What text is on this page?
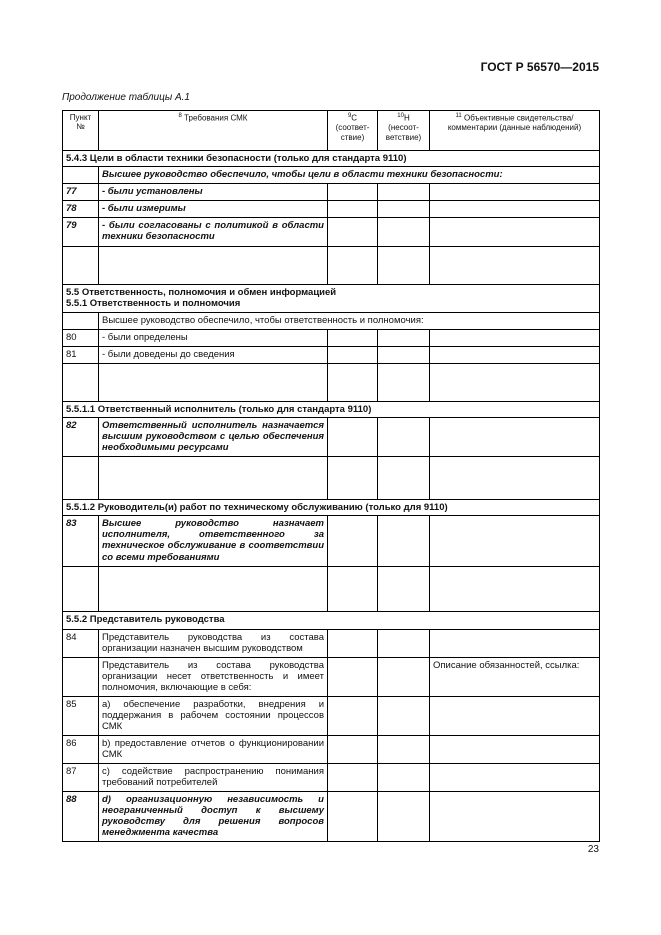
ГОСТ Р 56570—2015
Продолжение таблицы А.1
Пункт №	$^8$ Требования СМК	$^9$С (соответ-ствие)	$^{10}$Н (несоот-ветствие)	$^{11}$ Объективные свидетельства/ комментарии (данные наблюдений)
5.4.3 Цели в области техники безопасности (только для стандарта 9110)				
	Высшее руководство обеспечило, чтобы цели в области техники безопасности:			
77	- были установлены			
78	- были измеримы			
79	- были согласованы с политикой в области техники безопасности			

5.5 Ответственность, полномочия и обмен информацией
5.5.1 Ответственность и полномочия				

	Высшее руководство обеспечило, чтобы ответственность и полномочия:			
80	- были определены			
81	- были доведены до сведения			

5.5.1.1 Ответственный исполнитель (только для стандарта 9110)				
82	Ответственный исполнитель назначается высшим руководством с целью обеспечения необходимыми ресурсами			

5.5.1.2 Руководитель(и) работ по техническому обслуживанию (только для 9110)				
83	Высшее руководство назначает исполнителя, ответственного за техническое обслуживание в соответствии со всеми требованиями			

5.5.2 Представитель руководства				
84	Представитель руководства из состава организации назначен высшим руководством			
	Представитель из состава руководства организации несет ответственность и имеет полномочия, включающие в себя:			Описание обязанностей, ссылка:
85	а) обеспечение разработки, внедрения и поддержания в рабочем состоянии процессов СМК			
86	b) предоставление отчетов о функционировании СМК			
87	с) содействие распространению понимания требований потребителей			
88	d) организационную независимость и неограниченный доступ к высшему руководству для решения вопросов менеджмента качества			
23
